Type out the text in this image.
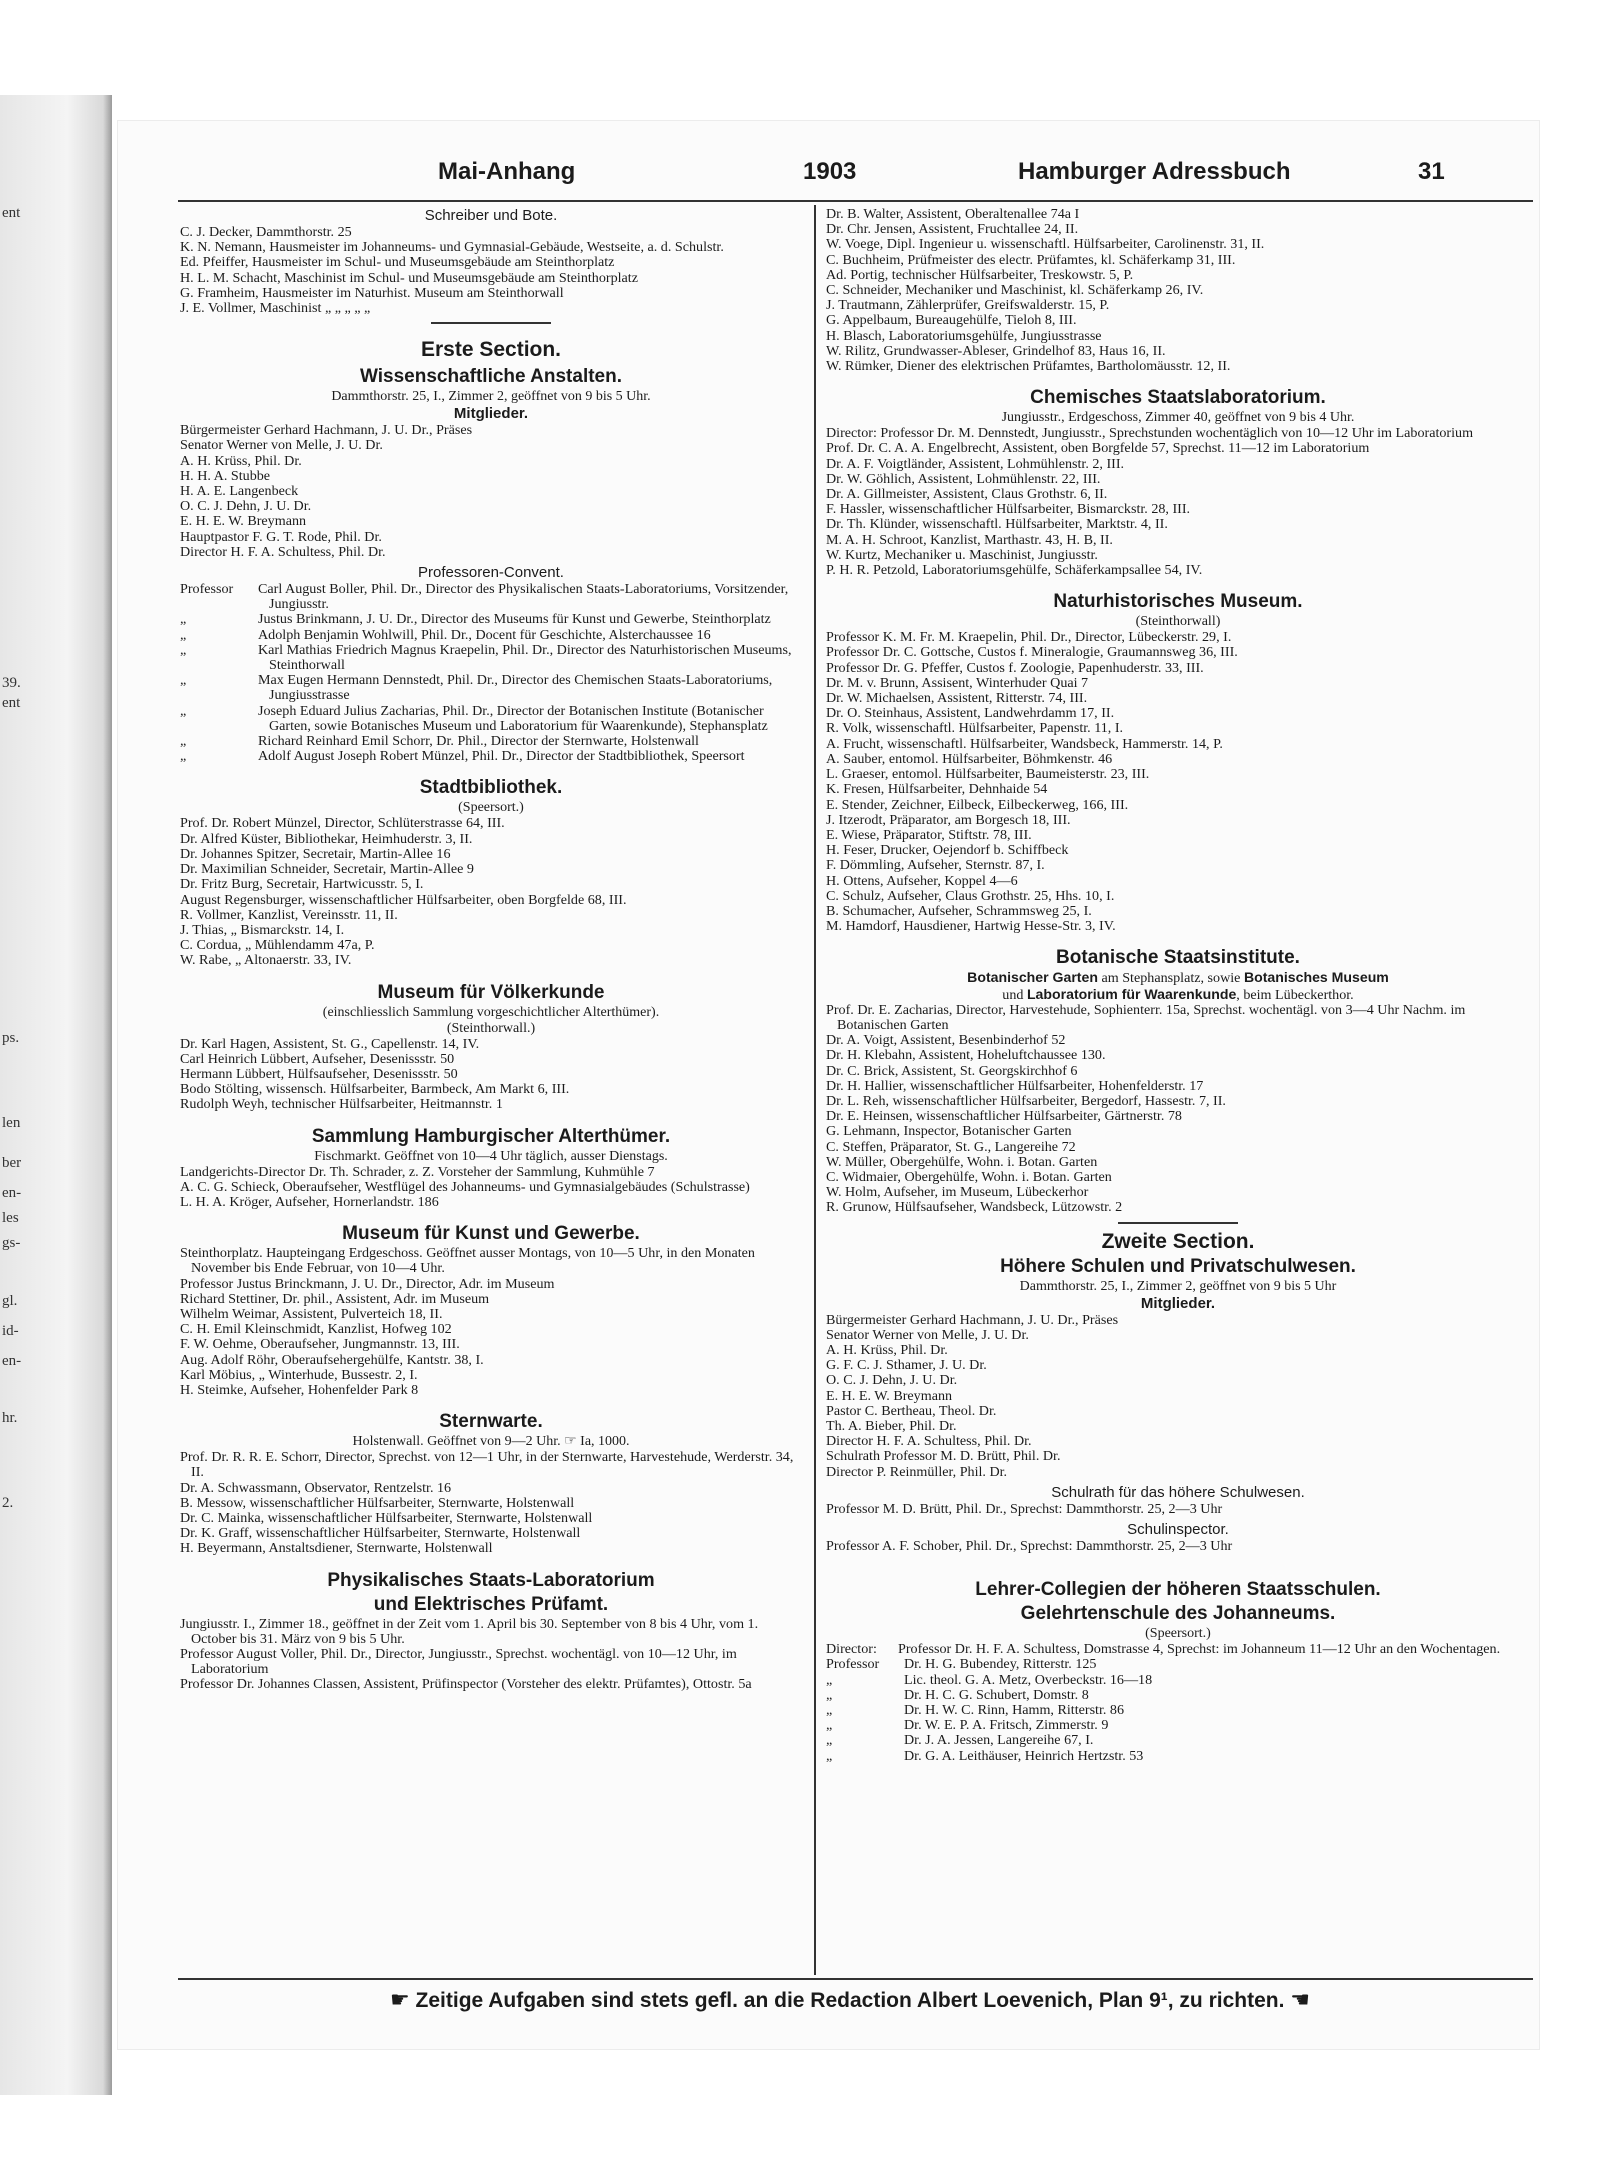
ent
39.
ent
ps.
len
ber
en-
les
gs-
gl.
id-
en-
hr.
2.
Mai-Anhang	1903	Hamburger Adressbuch	31
Schreiber und Bote.
C. J. Decker, Dammthorstr. 25
K. N. Nemann, Hausmeister im Johanneums- und Gymnasial-Gebäude, Westseite, a. d. Schulstr.
Ed. Pfeiffer, Hausmeister im Schul- und Museumsgebäude am Steinthorplatz
H. L. M. Schacht, Maschinist im Schul- und Museumsgebäude am Steinthorplatz
G. Framheim, Hausmeister im Naturhist. Museum am Steinthorwall
J. E. Vollmer, Maschinist „ „ „ „ „
Erste Section.
Wissenschaftliche Anstalten.
Dammthorstr. 25, I., Zimmer 2, geöffnet von 9 bis 5 Uhr.
Mitglieder.
Bürgermeister Gerhard Hachmann, J. U. Dr., Präses
Senator Werner von Melle, J. U. Dr.
A. H. Krüss, Phil. Dr.
H. H. A. Stubbe
H. A. E. Langenbeck
O. C. J. Dehn, J. U. Dr.
E. H. E. W. Breymann
Hauptpastor F. G. T. Rode, Phil. Dr.
Director H. F. A. Schultess, Phil. Dr.
Professoren-Convent.
Professor	Carl August Boller, Phil. Dr., Director des Physikalischen Staats-Laboratoriums, Vorsitzender, Jungiusstr.
„	Justus Brinkmann, J. U. Dr., Director des Museums für Kunst und Gewerbe, Steinthorplatz
„	Adolph Benjamin Wohlwill, Phil. Dr., Docent für Geschichte, Alsterchaussee 16
„	Karl Mathias Friedrich Magnus Kraepelin, Phil. Dr., Director des Naturhistorischen Museums, Steinthorwall
„	Max Eugen Hermann Dennstedt, Phil. Dr., Director des Chemischen Staats-Laboratoriums, Jungiusstrasse
„	Joseph Eduard Julius Zacharias, Phil. Dr., Director der Botanischen Institute (Botanischer Garten, sowie Botanisches Museum und Laboratorium für Waarenkunde), Stephansplatz
„	Richard Reinhard Emil Schorr, Dr. Phil., Director der Sternwarte, Holstenwall
„	Adolf August Joseph Robert Münzel, Phil. Dr., Director der Stadtbibliothek, Speersort
Stadtbibliothek.
(Speersort.)
Prof. Dr. Robert Münzel, Director, Schlüterstrasse 64, III.
Dr. Alfred Küster, Bibliothekar, Heimhuderstr. 3, II.
Dr. Johannes Spitzer, Secretair, Martin-Allee 16
Dr. Maximilian Schneider, Secretair, Martin-Allee 9
Dr. Fritz Burg, Secretair, Hartwicusstr. 5, I.
August Regensburger, wissenschaftlicher Hülfsarbeiter, oben Borgfelde 68, III.
R. Vollmer, Kanzlist, Vereinsstr. 11, II.
J. Thias, „ Bismarckstr. 14, I.
C. Cordua, „ Mühlendamm 47a, P.
W. Rabe, „ Altonaerstr. 33, IV.
Museum für Völkerkunde
(einschliesslich Sammlung vorgeschichtlicher Alterthümer).
(Steinthorwall.)
Dr. Karl Hagen, Assistent, St. G., Capellenstr. 14, IV.
Carl Heinrich Lübbert, Aufseher, Desenissstr. 50
Hermann Lübbert, Hülfsaufseher, Desenissstr. 50
Bodo Stölting, wissensch. Hülfsarbeiter, Barmbeck, Am Markt 6, III.
Rudolph Weyh, technischer Hülfsarbeiter, Heitmannstr. 1
Sammlung Hamburgischer Alterthümer.
Fischmarkt. Geöffnet von 10—4 Uhr täglich, ausser Dienstags.
Landgerichts-Director Dr. Th. Schrader, z. Z. Vorsteher der Sammlung, Kuhmühle 7
A. C. G. Schieck, Oberaufseher, Westflügel des Johanneums- und Gymnasialgebäudes (Schulstrasse)
L. H. A. Kröger, Aufseher, Hornerlandstr. 186
Museum für Kunst und Gewerbe.
Steinthorplatz. Haupteingang Erdgeschoss. Geöffnet ausser Montags, von 10—5 Uhr, in den Monaten November bis Ende Februar, von 10—4 Uhr.
Professor Justus Brinckmann, J. U. Dr., Director, Adr. im Museum
Richard Stettiner, Dr. phil., Assistent, Adr. im Museum
Wilhelm Weimar, Assistent, Pulverteich 18, II.
C. H. Emil Kleinschmidt, Kanzlist, Hofweg 102
F. W. Oehme, Oberaufseher, Jungmannstr. 13, III.
Aug. Adolf Röhr, Oberaufsehergehülfe, Kantstr. 38, I.
Karl Möbius, „ Winterhude, Bussestr. 2, I.
H. Steimke, Aufseher, Hohenfelder Park 8
Sternwarte.
Holstenwall. Geöffnet von 9—2 Uhr. ☞ Ia, 1000.
Prof. Dr. R. R. E. Schorr, Director, Sprechst. von 12—1 Uhr, in der Sternwarte, Harvestehude, Werderstr. 34, II.
Dr. A. Schwassmann, Observator, Rentzelstr. 16
B. Messow, wissenschaftlicher Hülfsarbeiter, Sternwarte, Holstenwall
Dr. C. Mainka, wissenschaftlicher Hülfsarbeiter, Sternwarte, Holstenwall
Dr. K. Graff, wissenschaftlicher Hülfsarbeiter, Sternwarte, Holstenwall
H. Beyermann, Anstaltsdiener, Sternwarte, Holstenwall
Physikalisches Staats-Laboratorium
und Elektrisches Prüfamt.
Jungiusstr. I., Zimmer 18., geöffnet in der Zeit vom 1. April bis 30. September von 8 bis 4 Uhr, vom 1. October bis 31. März von 9 bis 5 Uhr.
Professor August Voller, Phil. Dr., Director, Jungiusstr., Sprechst. wochentägl. von 10—12 Uhr, im Laboratorium
Professor Dr. Johannes Classen, Assistent, Prüfinspector (Vorsteher des elektr. Prüfamtes), Ottostr. 5a
Dr. B. Walter, Assistent, Oberaltenallee 74a I
Dr. Chr. Jensen, Assistent, Fruchtallee 24, II.
W. Voege, Dipl. Ingenieur u. wissenschaftl. Hülfsarbeiter, Carolinenstr. 31, II.
C. Buchheim, Prüfmeister des electr. Prüfamtes, kl. Schäferkamp 31, III.
Ad. Portig, technischer Hülfsarbeiter, Treskowstr. 5, P.
C. Schneider, Mechaniker und Maschinist, kl. Schäferkamp 26, IV.
J. Trautmann, Zählerprüfer, Greifswalderstr. 15, P.
G. Appelbaum, Bureaugehülfe, Tieloh 8, III.
H. Blasch, Laboratoriumsgehülfe, Jungiusstrasse
W. Rilitz, Grundwasser-Ableser, Grindelhof 83, Haus 16, II.
W. Rümker, Diener des elektrischen Prüfamtes, Bartholomäusstr. 12, II.
Chemisches Staatslaboratorium.
Jungiusstr., Erdgeschoss, Zimmer 40, geöffnet von 9 bis 4 Uhr.
Director: Professor Dr. M. Dennstedt, Jungiusstr., Sprechstunden wochentäglich von 10—12 Uhr im Laboratorium
Prof. Dr. C. A. A. Engelbrecht, Assistent, oben Borgfelde 57, Sprechst. 11—12 im Laboratorium
Dr. A. F. Voigtländer, Assistent, Lohmühlenstr. 2, III.
Dr. W. Göhlich, Assistent, Lohmühlenstr. 22, III.
Dr. A. Gillmeister, Assistent, Claus Grothstr. 6, II.
F. Hassler, wissenschaftlicher Hülfsarbeiter, Bismarckstr. 28, III.
Dr. Th. Klünder, wissenschaftl. Hülfsarbeiter, Marktstr. 4, II.
M. A. H. Schroot, Kanzlist, Marthastr. 43, H. B, II.
W. Kurtz, Mechaniker u. Maschinist, Jungiusstr.
P. H. R. Petzold, Laboratoriumsgehülfe, Schäferkampsallee 54, IV.
Naturhistorisches Museum.
(Steinthorwall)
Professor K. M. Fr. M. Kraepelin, Phil. Dr., Director, Lübeckerstr. 29, I.
Professor Dr. C. Gottsche, Custos f. Mineralogie, Graumannsweg 36, III.
Professor Dr. G. Pfeffer, Custos f. Zoologie, Papenhuderstr. 33, III.
Dr. M. v. Brunn, Assisent, Winterhuder Quai 7
Dr. W. Michaelsen, Assistent, Ritterstr. 74, III.
Dr. O. Steinhaus, Assistent, Landwehrdamm 17, II.
R. Volk, wissenschaftl. Hülfsarbeiter, Papenstr. 11, I.
A. Frucht, wissenschaftl. Hülfsarbeiter, Wandsbeck, Hammerstr. 14, P.
A. Sauber, entomol. Hülfsarbeiter, Böhmkenstr. 46
L. Graeser, entomol. Hülfsarbeiter, Baumeisterstr. 23, III.
K. Fresen, Hülfsarbeiter, Dehnhaide 54
E. Stender, Zeichner, Eilbeck, Eilbeckerweg, 166, III.
J. Itzerodt, Präparator, am Borgesch 18, III.
E. Wiese, Präparator, Stiftstr. 78, III.
H. Feser, Drucker, Oejendorf b. Schiffbeck
F. Dömmling, Aufseher, Sternstr. 87, I.
H. Ottens, Aufseher, Koppel 4—6
C. Schulz, Aufseher, Claus Grothstr. 25, Hhs. 10, I.
B. Schumacher, Aufseher, Schrammsweg 25, I.
M. Hamdorf, Hausdiener, Hartwig Hesse-Str. 3, IV.
Botanische Staatsinstitute.
Botanischer Garten am Stephansplatz, sowie Botanisches Museum
und Laboratorium für Waarenkunde, beim Lübeckerthor.
Prof. Dr. E. Zacharias, Director, Harvestehude, Sophienterr. 15a, Sprechst. wochentägl. von 3—4 Uhr Nachm. im Botanischen Garten
Dr. A. Voigt, Assistent, Besenbinderhof 52
Dr. H. Klebahn, Assistent, Hoheluftchaussee 130.
Dr. C. Brick, Assistent, St. Georgskirchhof 6
Dr. H. Hallier, wissenschaftlicher Hülfsarbeiter, Hohenfelderstr. 17
Dr. L. Reh, wissenschaftlicher Hülfsarbeiter, Bergedorf, Hassestr. 7, II.
Dr. E. Heinsen, wissenschaftlicher Hülfsarbeiter, Gärtnerstr. 78
G. Lehmann, Inspector, Botanischer Garten
C. Steffen, Präparator, St. G., Langereihe 72
W. Müller, Obergehülfe, Wohn. i. Botan. Garten
C. Widmaier, Obergehülfe, Wohn. i. Botan. Garten
W. Holm, Aufseher, im Museum, Lübeckerhor
R. Grunow, Hülfsaufseher, Wandsbeck, Lützowstr. 2
Zweite Section.
Höhere Schulen und Privatschulwesen.
Dammthorstr. 25, I., Zimmer 2, geöffnet von 9 bis 5 Uhr
Mitglieder.
Bürgermeister Gerhard Hachmann, J. U. Dr., Präses
Senator Werner von Melle, J. U. Dr.
A. H. Krüss, Phil. Dr.
G. F. C. J. Sthamer, J. U. Dr.
O. C. J. Dehn, J. U. Dr.
E. H. E. W. Breymann
Pastor C. Bertheau, Theol. Dr.
Th. A. Bieber, Phil. Dr.
Director H. F. A. Schultess, Phil. Dr.
Schulrath Professor M. D. Brütt, Phil. Dr.
Director P. Reinmüller, Phil. Dr.
Schulrath für das höhere Schulwesen.
Professor M. D. Brütt, Phil. Dr., Sprechst: Dammthorstr. 25, 2—3 Uhr
Schulinspector.
Professor A. F. Schober, Phil. Dr., Sprechst: Dammthorstr. 25, 2—3 Uhr
Lehrer-Collegien der höheren Staatsschulen.
Gelehrtenschule des Johanneums.
(Speersort.)
Director:	Professor Dr. H. F. A. Schultess, Domstrasse 4, Sprechst: im Johanneum 11—12 Uhr an den Wochentagen.
Professor	Dr. H. G. Bubendey, Ritterstr. 125
„	Lic. theol. G. A. Metz, Overbeckstr. 16—18
„	Dr. H. C. G. Schubert, Domstr. 8
„	Dr. H. W. C. Rinn, Hamm, Ritterstr. 86
„	Dr. W. E. P. A. Fritsch, Zimmerstr. 9
„	Dr. J. A. Jessen, Langereihe 67, I.
„	Dr. G. A. Leithäuser, Heinrich Hertzstr. 53
☛ Zeitige Aufgaben sind stets gefl. an die Redaction Albert Loevenich, Plan 9¹, zu richten. ☚
